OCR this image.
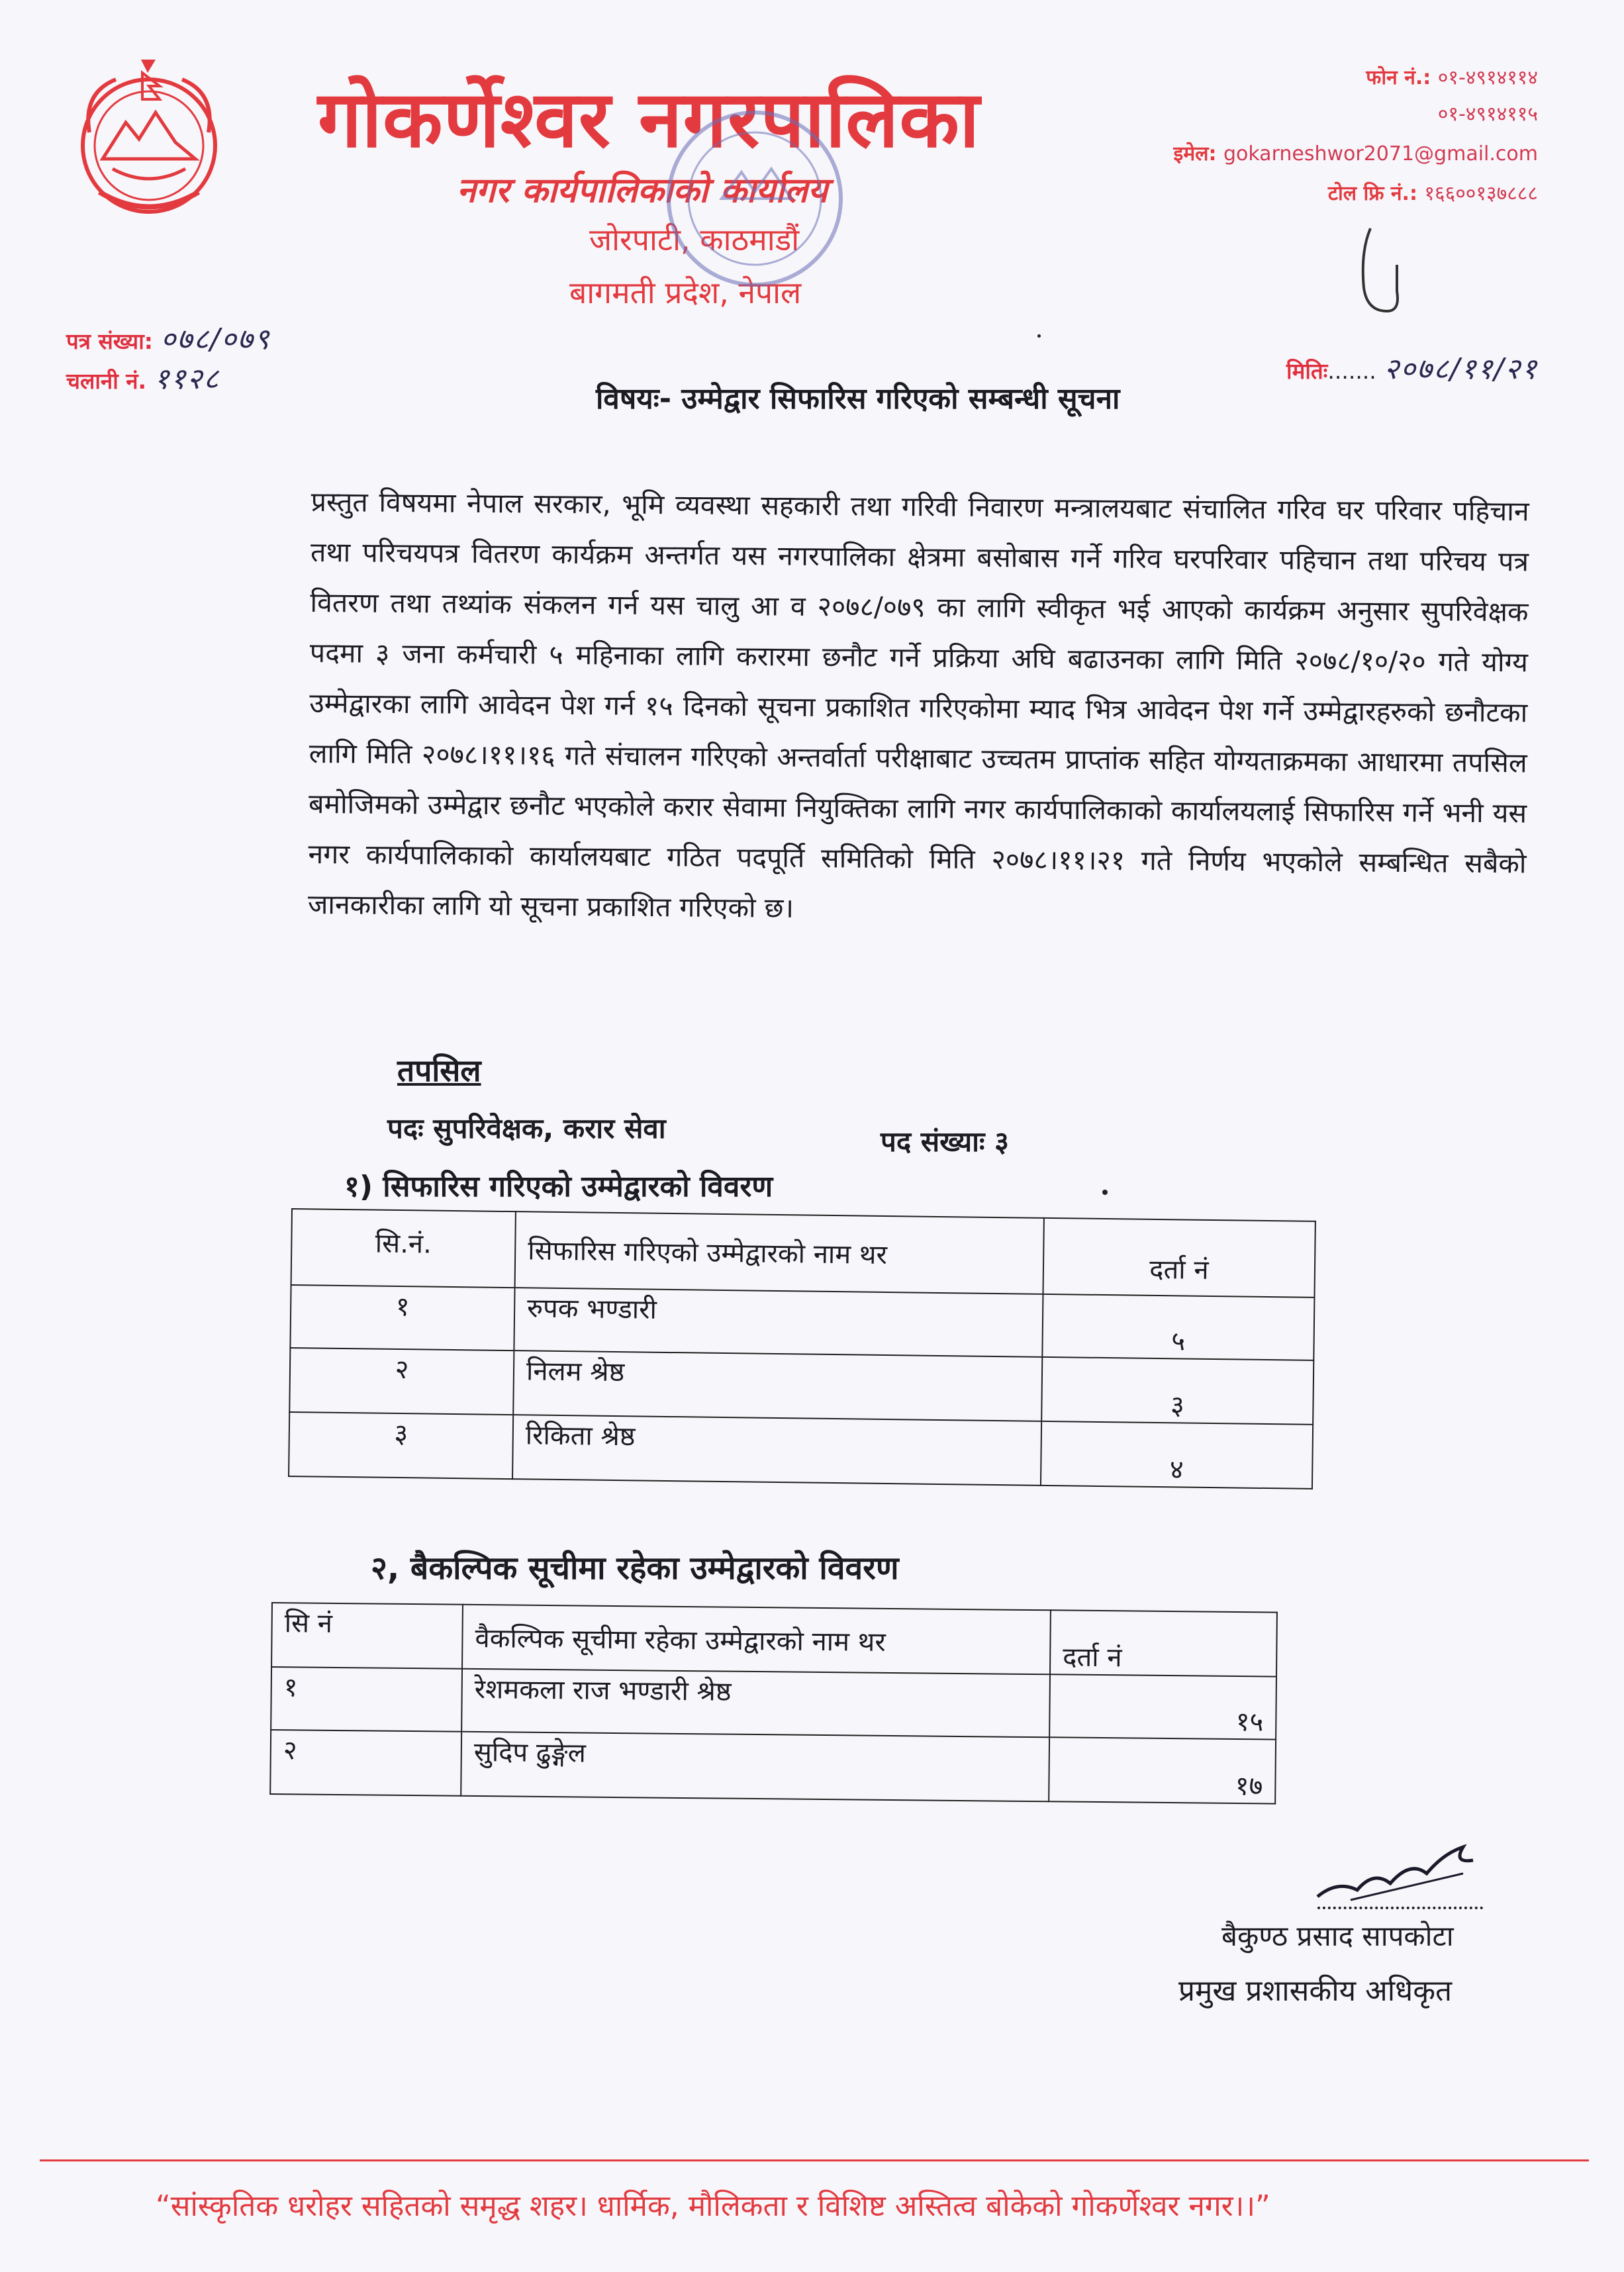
गोकर्णेश्वर नगरपालिका
नगर कार्यपालिकाको कार्यालय
जोरपाटी, काठमाडौं
बागमती प्रदेश, नेपाल
फोन नं.: ०१-४९१४११४
०१-४९१४११५
इमेल: gokarneshwor2071@gmail.com
टोल फ्रि नं.: १६६००१३७८८८
पत्र संख्या: ०७८/०७९
चलानी नं. ११२८	मितिः....... २०७८/११/२१
विषयः- उम्मेद्वार सिफारिस गरिएको सम्बन्धी सूचना
प्रस्तुत विषयमा नेपाल सरकार, भूमि व्यवस्था सहकारी तथा गरिवी निवारण मन्त्रालयबाट संचालित गरिव घर परिवार पहिचान तथा परिचयपत्र वितरण कार्यक्रम अन्तर्गत यस नगरपालिका क्षेत्रमा बसोबास गर्ने गरिव घरपरिवार पहिचान तथा परिचय पत्र वितरण तथा तथ्यांक संकलन गर्न यस चालु आ व २०७८/०७९ का लागि स्वीकृत भई आएको कार्यक्रम अनुसार सुपरिवेक्षक पदमा ३ जना कर्मचारी ५ महिनाका लागि करारमा छनौट गर्ने प्रक्रिया अघि बढाउनका लागि मिति २०७८/१०/२० गते योग्य उम्मेद्वारका लागि आवेदन पेश गर्न १५ दिनको सूचना प्रकाशित गरिएकोमा म्याद भित्र आवेदन पेश गर्ने उम्मेद्वारहरुको छनौटका लागि मिति २०७८।११।१६ गते संचालन गरिएको अन्तर्वार्ता परीक्षाबाट उच्चतम प्राप्तांक सहित योग्यताक्रमका आधारमा तपसिल बमोजिमको उम्मेद्वार छनौट भएकोले करार सेवामा नियुक्तिका लागि नगर कार्यपालिकाको कार्यालयलाई सिफारिस गर्ने भनी यस नगर कार्यपालिकाको कार्यालयबाट गठित पदपूर्ति समितिको मिति २०७८।११।२१ गते निर्णय भएकोले सम्बन्धित सबैको जानकारीका लागि यो सूचना प्रकाशित गरिएको छ।
तपसिल
पदः सुपरिवेक्षक, करार सेवा	पद संख्याः ३
१) सिफारिस गरिएको उम्मेद्वारको विवरण
सि.नं.	सिफारिस गरिएको उम्मेद्वारको नाम थर	दर्ता नं
१	रुपक भण्डारी	५
२	निलम श्रेष्ठ	३
३	रिकिता श्रेष्ठ	४
२, बैकल्पिक सूचीमा रहेका उम्मेद्वारको विवरण
सि नं	वैकल्पिक सूचीमा रहेका उम्मेद्वारको नाम थर	दर्ता नं
१	रेशमकला राज भण्डारी श्रेष्ठ	१५
२	सुदिप ढुङ्गेल	१७
बैकुण्ठ प्रसाद सापकोटा
प्रमुख प्रशासकीय अधिकृत
“सांस्कृतिक धरोहर सहितको समृद्ध शहर। धार्मिक, मौलिकता र विशिष्ट अस्तित्व बोकेको गोकर्णेश्वर नगर।।”
